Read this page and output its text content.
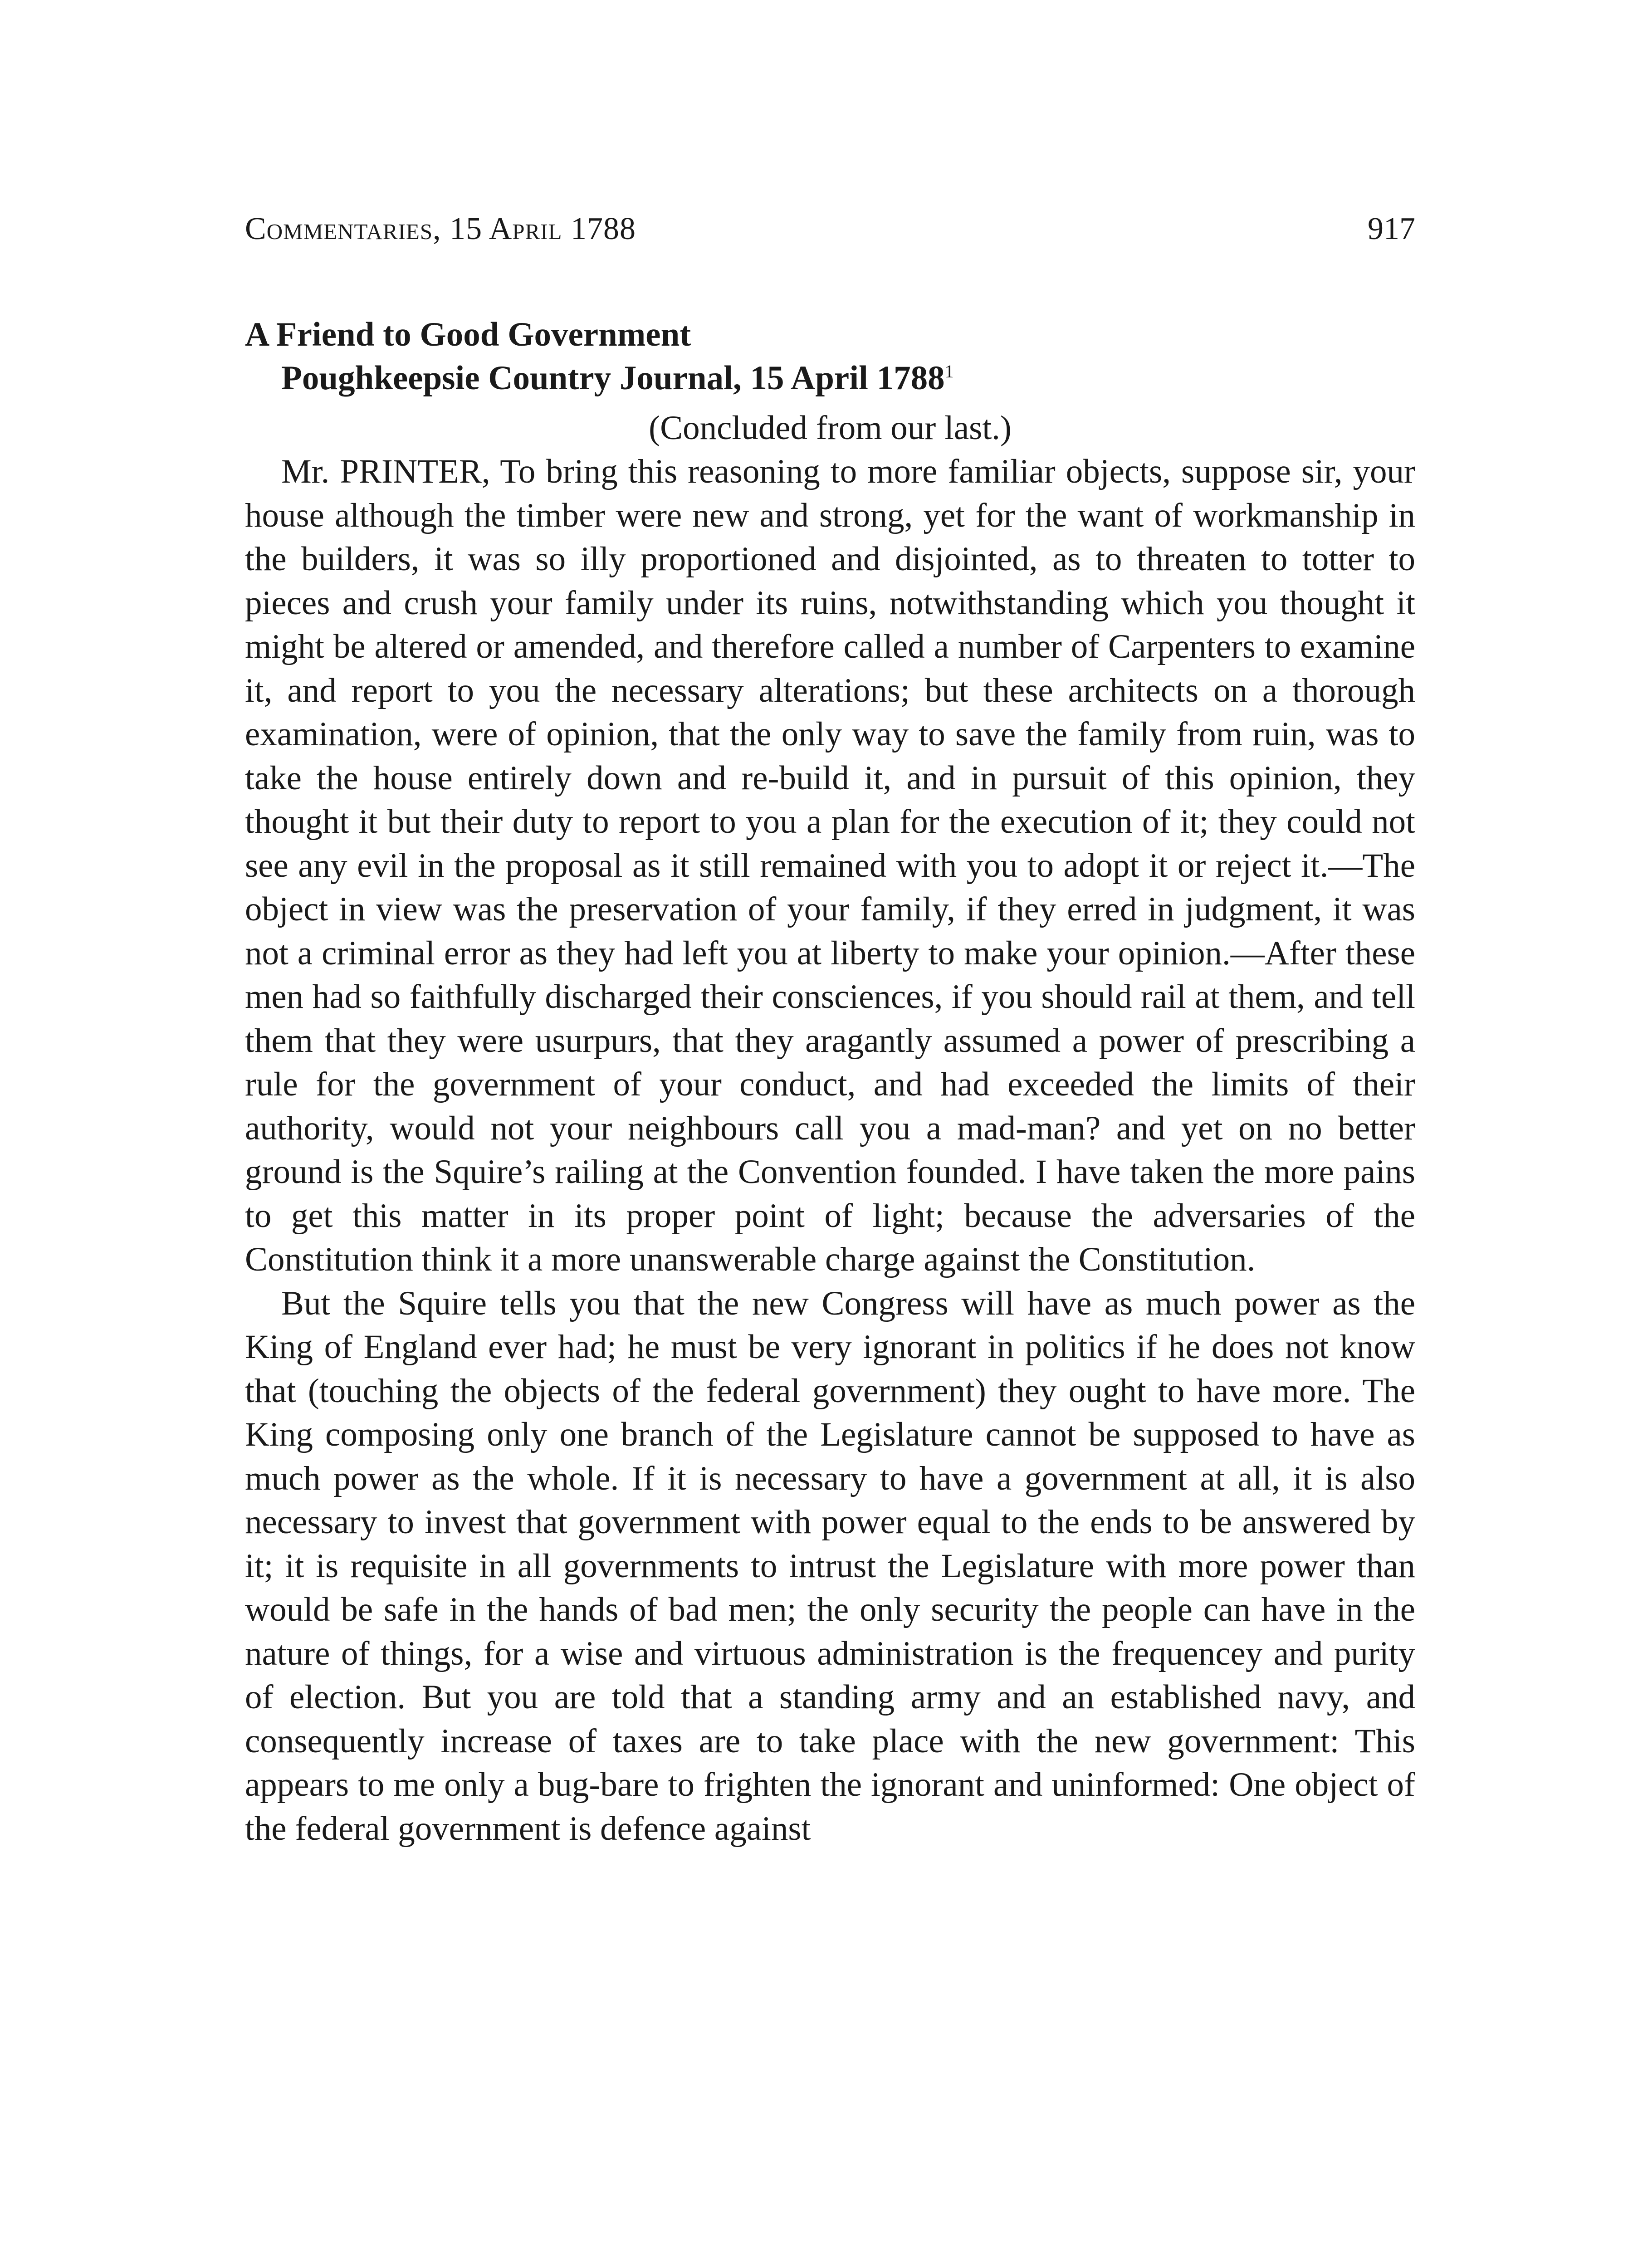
Commentaries, 15 April 1788	917
A Friend to Good Government
Poughkeepsie Country Journal, 15 April 1788$^1$
(Concluded from our last.)

Mr. PRINTER, To bring this reasoning to more familiar objects, suppose sir, your house although the timber were new and strong, yet for the want of workmanship in the builders, it was so illy proportioned and disjointed, as to threaten to totter to pieces and crush your family under its ruins, notwithstanding which you thought it might be altered or amended, and therefore called a number of Carpenters to examine it, and report to you the necessary alterations; but these architects on a thorough examination, were of opinion, that the only way to save the family from ruin, was to take the house entirely down and re-build it, and in pursuit of this opinion, they thought it but their duty to report to you a plan for the execution of it; they could not see any evil in the proposal as it still remained with you to adopt it or reject it.—The object in view was the preservation of your family, if they erred in judgment, it was not a criminal error as they had left you at liberty to make your opinion.—After these men had so faithfully discharged their consciences, if you should rail at them, and tell them that they were usurpurs, that they aragantly assumed a power of prescribing a rule for the government of your conduct, and had exceeded the limits of their authority, would not your neighbours call you a mad-man? and yet on no better ground is the Squire’s railing at the Convention founded. I have taken the more pains to get this matter in its proper point of light; because the adversaries of the Constitution think it a more unanswerable charge against the Constitution.

But the Squire tells you that the new Congress will have as much power as the King of England ever had; he must be very ignorant in politics if he does not know that (touching the objects of the federal government) they ought to have more. The King composing only one branch of the Legislature cannot be supposed to have as much power as the whole. If it is necessary to have a government at all, it is also necessary to invest that government with power equal to the ends to be answered by it; it is requisite in all governments to intrust the Legislature with more power than would be safe in the hands of bad men; the only security the people can have in the nature of things, for a wise and virtuous administration is the frequencey and purity of election. But you are told that a standing army and an established navy, and consequently increase of taxes are to take place with the new government: This appears to me only a bug-bare to frighten the ignorant and uninformed: One object of the federal government is defence against
